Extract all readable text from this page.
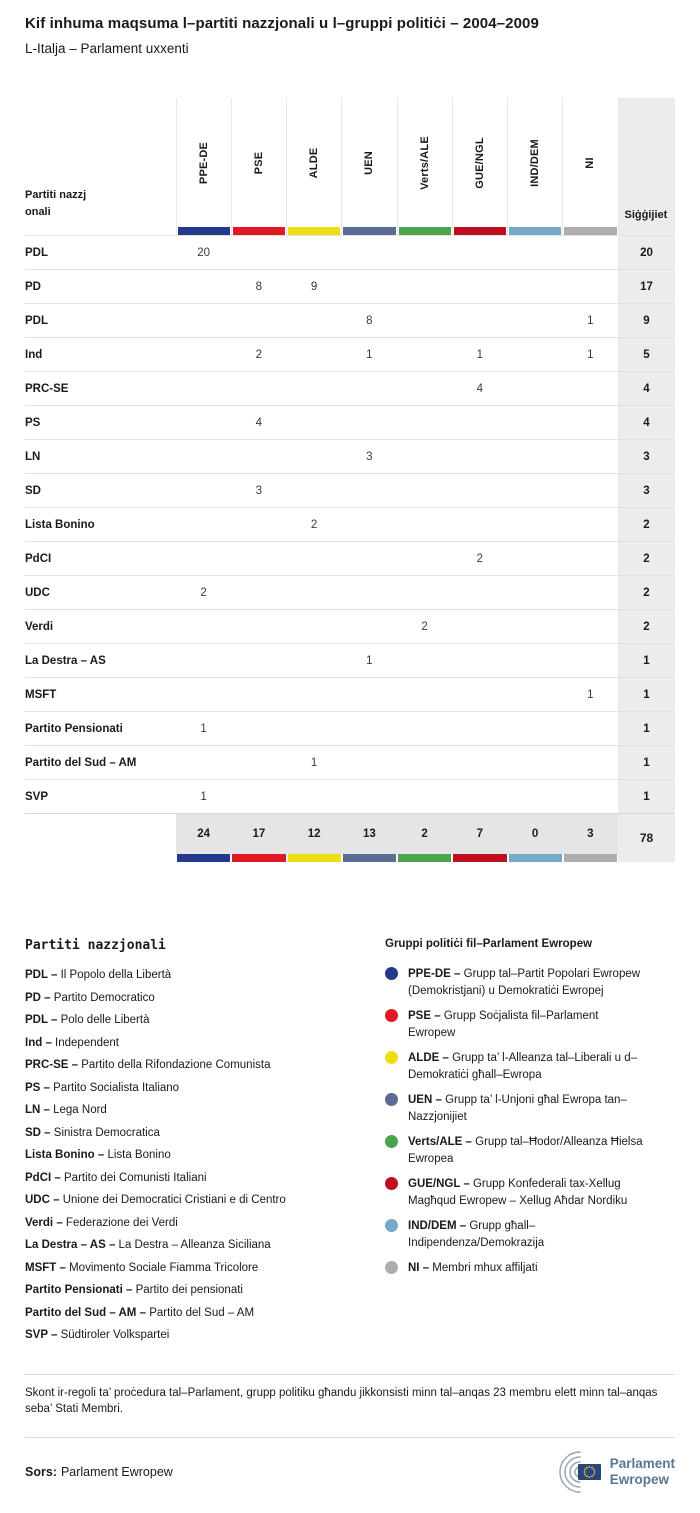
Kif inhuma maqsuma l–partiti nazzjonali u l–gruppi politiċi – 2004–2009
L-Italja – Parlament uxxenti
Partiti nazzjonali	PPE-DE	PSE	ALDE	UEN	Verts/ALE	GUE/NGL	IND/DEM	NI	Siġġijiet

PDL	20								20
PD		8	9						17
PDL				8				1	9
Ind		2		1		1		1	5
PRC-SE						4			4
PS		4							4
LN				3					3
SD		3							3
Lista Bonino			2						2
PdCI						2			2
UDC	2								2
Verdi					2				2
La Destra – AS				1					1
MSFT								1	1
Partito Pensionati	1								1
Partito del Sud – AM			1						1
SVP	1								1

24	17	12	13	2	7	0	3	78
Partiti nazzjonali
PDL – Il Popolo della Libertà
PD – Partito Democratico
PDL – Polo delle Libertà
Ind – Independent
PRC-SE – Partito della Rifondazione Comunista
PS – Partito Socialista Italiano
LN – Lega Nord
SD – Sinistra Democratica
Lista Bonino – Lista Bonino
PdCI – Partito dei Comunisti Italiani
UDC – Unione dei Democratici Cristiani e di Centro
Verdi – Federazione dei Verdi
La Destra – AS – La Destra – Alleanza Siciliana
MSFT – Movimento Sociale Fiamma Tricolore
Partito Pensionati – Partito dei pensionati
Partito del Sud – AM – Partito del Sud – AM
SVP – Südtiroler Volkspartei
Gruppi politiċi fil–Parlament Ewropew
PPE-DE – Grupp tal–Partit Popolari Ewropew (Demokristjani) u Demokratiċi Ewropej
PSE – Grupp Soċjalista fil–Parlament Ewropew
ALDE – Grupp ta’ l-Alleanza tal–Liberali u d–Demokratiċi għall–Ewropa
UEN – Grupp ta’ l-Unjoni għal Ewropa tan–Nazzjonijiet
Verts/ALE – Grupp tal–Ħodor/Alleanza Ħielsa Ewropea
GUE/NGL – Grupp Konfederali tax-Xellug Magħqud Ewropew – Xellug Aħdar Nordiku
IND/DEM – Grupp għall–Indipendenza/Demokrazija
NI – Membri mhux affiljati

Skont ir-regoli ta’ proċedura tal–Parlament, grupp politiku għandu jikkonsisti minn tal–anqas 23 membru elett minn tal–anqas seba’ Stati Membri.

Sors: Parlament Ewropew

Parlament
Ewropew
